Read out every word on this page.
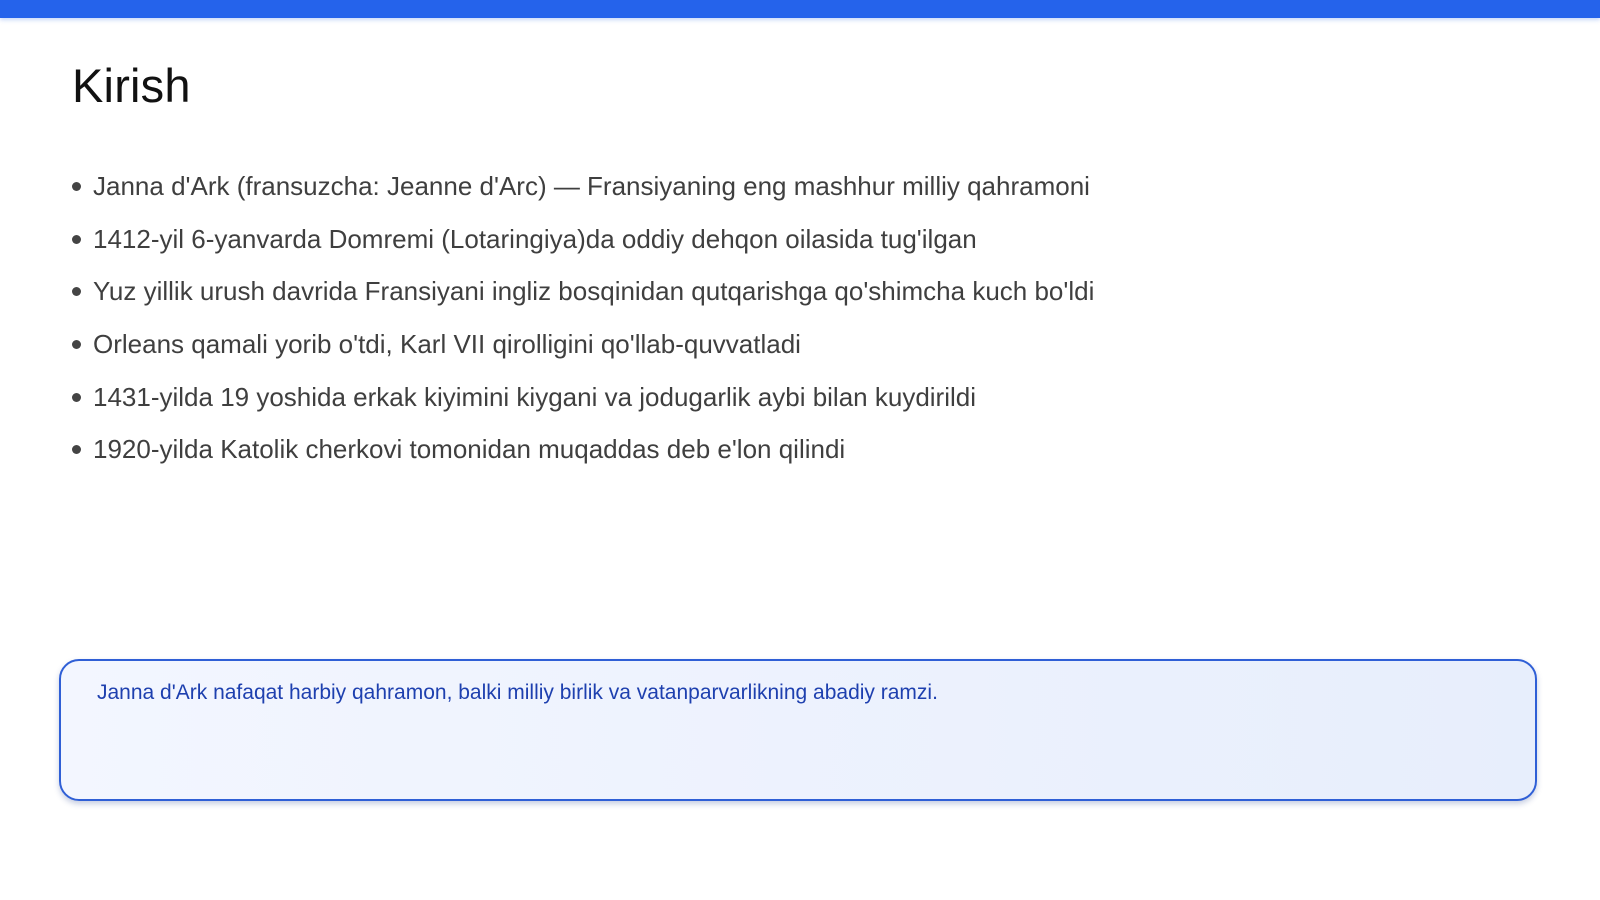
Kirish
Janna d'Ark (fransuzcha: Jeanne d'Arc) — Fransiyaning eng mashhur milliy qahramoni
1412-yil 6-yanvarda Domremi (Lotaringiya)da oddiy dehqon oilasida tug'ilgan
Yuz yillik urush davrida Fransiyani ingliz bosqinidan qutqarishga qo'shimcha kuch bo'ldi
Orleans qamali yorib o'tdi, Karl VII qirolligini qo'llab-quvvatladi
1431-yilda 19 yoshida erkak kiyimini kiygani va jodugarlik aybi bilan kuydirildi
1920-yilda Katolik cherkovi tomonidan muqaddas deb e'lon qilindi

Janna d'Ark nafaqat harbiy qahramon, balki milliy birlik va vatanparvarlikning abadiy ramzi.
